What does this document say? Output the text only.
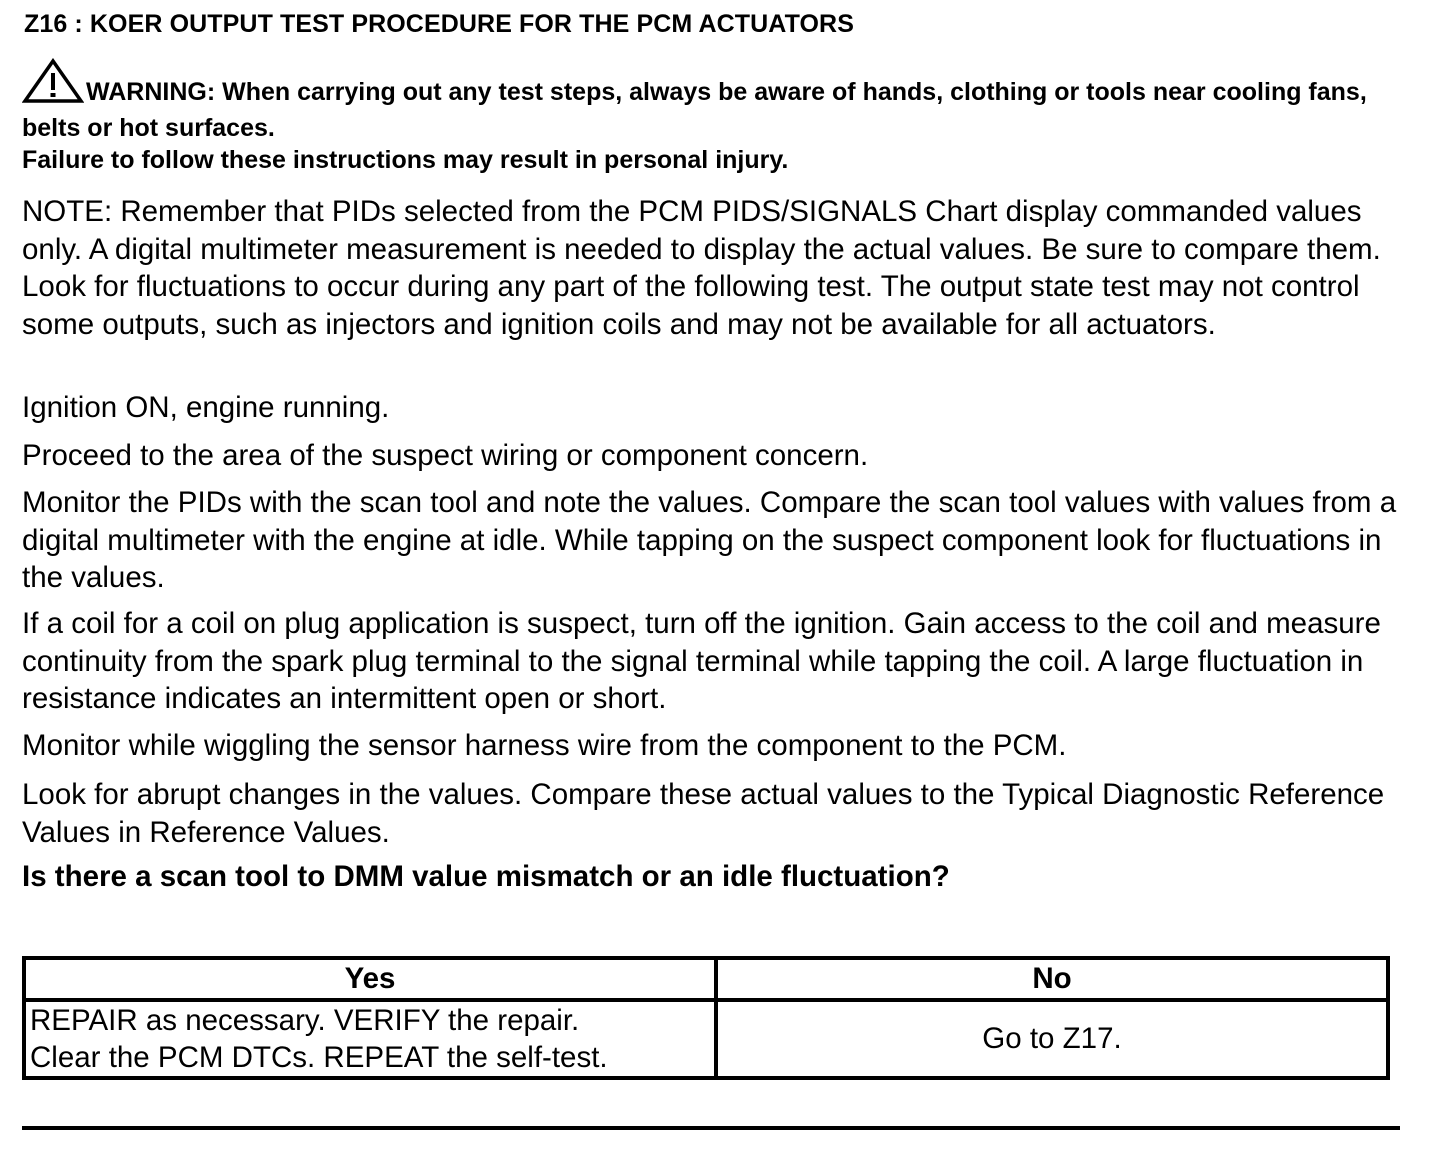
Z16 : KOER OUTPUT TEST PROCEDURE FOR THE PCM ACTUATORS
WARNING: When carrying out any test steps, always be aware of hands, clothing or tools near cooling fans, belts or hot surfaces.
Failure to follow these instructions may result in personal injury.
NOTE: Remember that PIDs selected from the PCM PIDS/SIGNALS Chart display commanded values only. A digital multimeter measurement is needed to display the actual values. Be sure to compare them. Look for fluctuations to occur during any part of the following test. The output state test may not control some outputs, such as injectors and ignition coils and may not be available for all actuators.
Ignition ON, engine running.
Proceed to the area of the suspect wiring or component concern.
Monitor the PIDs with the scan tool and note the values. Compare the scan tool values with values from a digital multimeter with the engine at idle. While tapping on the suspect component look for fluctuations in the values.
If a coil for a coil on plug application is suspect, turn off the ignition. Gain access to the coil and measure continuity from the spark plug terminal to the signal terminal while tapping the coil. A large fluctuation in resistance indicates an intermittent open or short.
Monitor while wiggling the sensor harness wire from the component to the PCM.
Look for abrupt changes in the values. Compare these actual values to the Typical Diagnostic Reference Values in Reference Values.
Is there a scan tool to DMM value mismatch or an idle fluctuation?
Yes	No
REPAIR as necessary. VERIFY the repair.
Clear the PCM DTCs. REPEAT the self-test.	Go to Z17.
